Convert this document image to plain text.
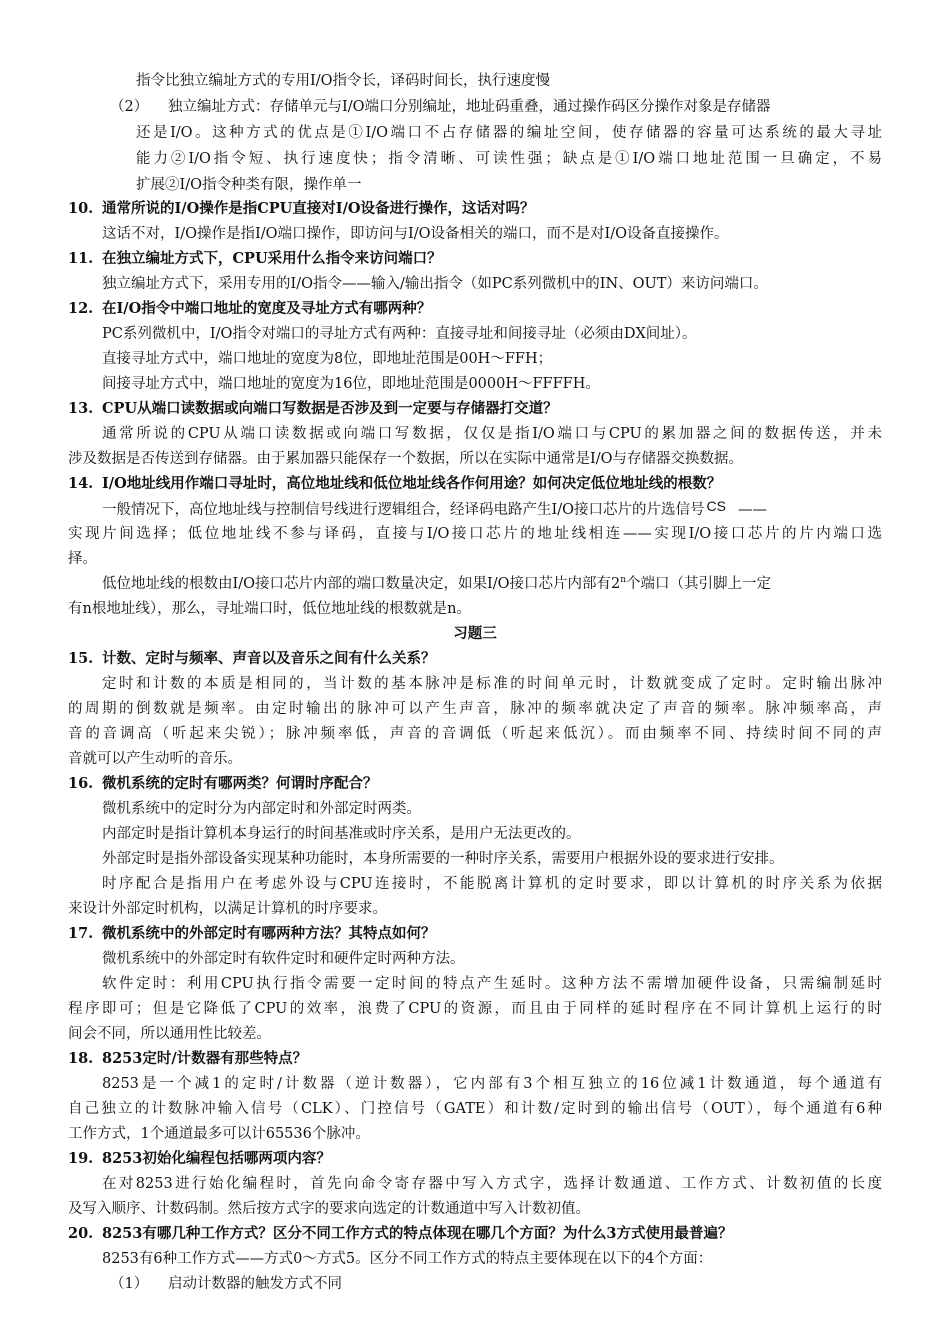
指令比独立编址方式的专用I/O指令长，译码时间长，执行速度慢
（2） 独立编址方式：存储单元与I/O端口分别编址，地址码重叠，通过操作码区分操作对象是存储器
还是I/O。这种方式的优点是①I/O端口不占存储器的编址空间，使存储器的容量可达系统的最大寻址
能力②I/O指令短、执行速度快；指令清晰、可读性强；缺点是①I/O端口地址范围一旦确定，不易
扩展②I/O指令种类有限，操作单一
10. 通常所说的I/O操作是指CPU直接对I/O设备进行操作，这话对吗？
这话不对，I/O操作是指I/O端口操作，即访问与I/O设备相关的端口，而不是对I/O设备直接操作。
11. 在独立编址方式下，CPU采用什么指令来访问端口？
独立编址方式下，采用专用的I/O指令——输入/输出指令（如PC系列微机中的IN、OUT）来访问端口。
12. 在I/O指令中端口地址的宽度及寻址方式有哪两种？
PC系列微机中，I/O指令对端口的寻址方式有两种：直接寻址和间接寻址（必须由DX间址）。
直接寻址方式中，端口地址的宽度为8位，即地址范围是00H～FFH；
间接寻址方式中，端口地址的宽度为16位，即地址范围是0000H～FFFFH。
13. CPU从端口读数据或向端口写数据是否涉及到一定要与存储器打交道？
通常所说的CPU从端口读数据或向端口写数据，仅仅是指I/O端口与CPU的累加器之间的数据传送，并未
涉及数据是否传送到存储器。由于累加器只能保存一个数据，所以在实际中通常是I/O与存储器交换数据。
14. I/O地址线用作端口寻址时，高位地址线和低位地址线各作何用途？如何决定低位地址线的根数？
一般情况下，高位地址线与控制信号线进行逻辑组合，经译码电路产生I/O接口芯片的片选信号 CS ——
实现片间选择；低位地址线不参与译码，直接与I/O接口芯片的地址线相连——实现I/O接口芯片的片内端口选
择。
低位地址线的根数由I/O接口芯片内部的端口数量决定，如果I/O接口芯片内部有2$^n$个端口（其引脚上一定
有n根地址线），那么，寻址端口时，低位地址线的根数就是n。
习题三
15. 计数、定时与频率、声音以及音乐之间有什么关系？
定时和计数的本质是相同的，当计数的基本脉冲是标准的时间单元时，计数就变成了定时。定时输出脉冲
的周期的倒数就是频率。由定时输出的脉冲可以产生声音，脉冲的频率就决定了声音的频率。脉冲频率高，声
音的音调高（听起来尖锐）；脉冲频率低，声音的音调低（听起来低沉）。而由频率不同、持续时间不同的声
音就可以产生动听的音乐。
16. 微机系统的定时有哪两类？何谓时序配合？
微机系统中的定时分为内部定时和外部定时两类。
内部定时是指计算机本身运行的时间基准或时序关系，是用户无法更改的。
外部定时是指外部设备实现某种功能时，本身所需要的一种时序关系，需要用户根据外设的要求进行安排。
时序配合是指用户在考虑外设与CPU连接时，不能脱离计算机的定时要求，即以计算机的时序关系为依据
来设计外部定时机构，以满足计算机的时序要求。
17. 微机系统中的外部定时有哪两种方法？其特点如何？
微机系统中的外部定时有软件定时和硬件定时两种方法。
软件定时：利用CPU执行指令需要一定时间的特点产生延时。这种方法不需增加硬件设备，只需编制延时
程序即可；但是它降低了CPU的效率，浪费了CPU的资源，而且由于同样的延时程序在不同计算机上运行的时
间会不同，所以通用性比较差。
18. 8253定时/计数器有那些特点？
8253是一个减1的定时/计数器（逆计数器），它内部有3个相互独立的16位减1计数通道，每个通道有
自己独立的计数脉冲输入信号（CLK）、门控信号（GATE）和计数/定时到的输出信号（OUT），每个通道有6种
工作方式，1个通道最多可以计65536个脉冲。
19. 8253初始化编程包括哪两项内容？
在对8253进行始化编程时，首先向命令寄存器中写入方式字，选择计数通道、工作方式、计数初值的长度
及写入顺序、计数码制。然后按方式字的要求向选定的计数通道中写入计数初值。
20. 8253有哪几种工作方式？区分不同工作方式的特点体现在哪几个方面？为什么3方式使用最普遍？
8253有6种工作方式——方式0～方式5。区分不同工作方式的特点主要体现在以下的4个方面：
（1） 启动计数器的触发方式不同
